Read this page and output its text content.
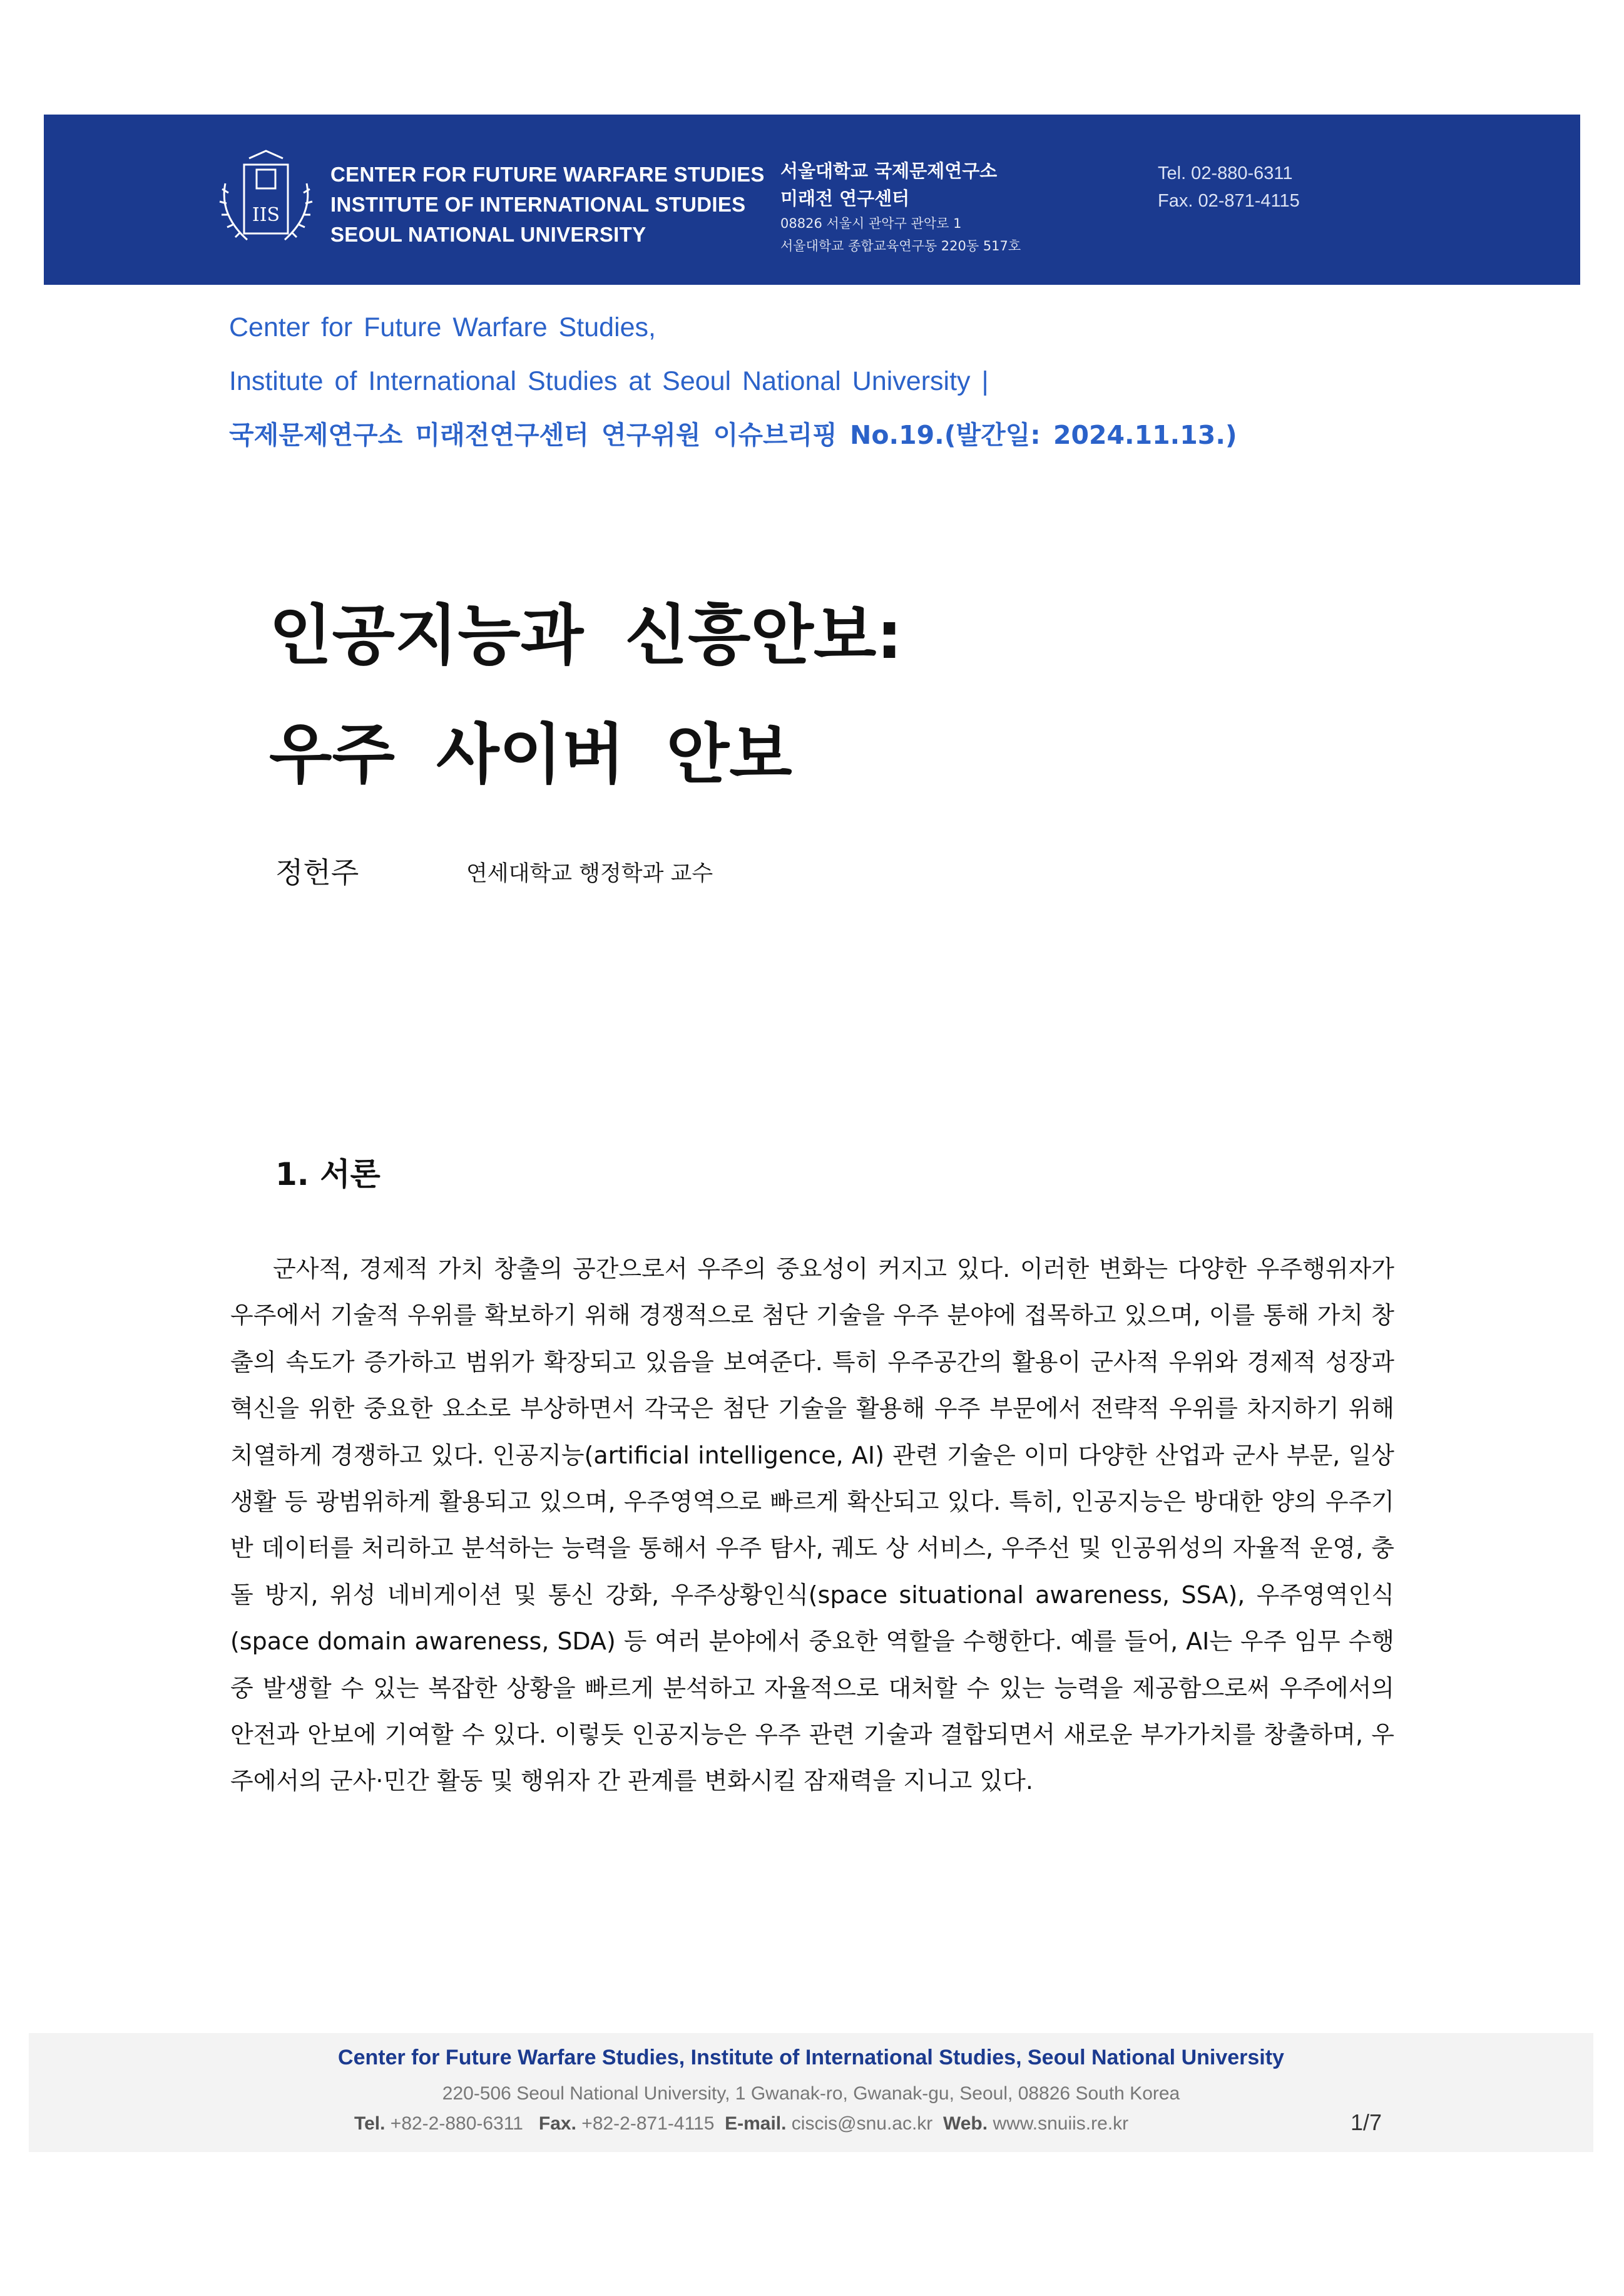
IIS
CENTER FOR FUTURE WARFARE STUDIES
INSTITUTE OF INTERNATIONAL STUDIES
SEOUL NATIONAL UNIVERSITY
서울대학교 국제문제연구소
미래전 연구센터
08826 서울시 관악구 관악로 1
서울대학교 종합교육연구동 220동 517호
Tel. 02-880-6311
Fax. 02-871-4115
Center for Future Warfare Studies,
Institute of International Studies at Seoul National University |
국제문제연구소 미래전연구센터 연구위원 이슈브리핑 No.19.(발간일: 2024.11.13.)
인공지능과 신흥안보:
우주 사이버 안보
정헌주	연세대학교 행정학과 교수
1. 서론
군사적, 경제적 가치 창출의 공간으로서 우주의 중요성이 커지고 있다. 이러한 변화는 다양한 우주행위자가 우주에서 기술적 우위를 확보하기 위해 경쟁적으로 첨단 기술을 우주 분야에 접목하고 있으며, 이를 통해 가치 창출의 속도가 증가하고 범위가 확장되고 있음을 보여준다. 특히 우주공간의 활용이 군사적 우위와 경제적 성장과 혁신을 위한 중요한 요소로 부상하면서 각국은 첨단 기술을 활용해 우주 부문에서 전략적 우위를 차지하기 위해 치열하게 경쟁하고 있다. 인공지능(artificial intelligence, AI) 관련 기술은 이미 다양한 산업과 군사 부문, 일상생활 등 광범위하게 활용되고 있으며, 우주영역으로 빠르게 확산되고 있다. 특히, 인공지능은 방대한 양의 우주기반 데이터를 처리하고 분석하는 능력을 통해서 우주 탐사, 궤도 상 서비스, 우주선 및 인공위성의 자율적 운영, 충돌 방지, 위성 네비게이션 및 통신 강화, 우주상황인식(space situational awareness, SSA), 우주영역인식(space domain awareness, SDA) 등 여러 분야에서 중요한 역할을 수행한다. 예를 들어, AI는 우주 임무 수행 중 발생할 수 있는 복잡한 상황을 빠르게 분석하고 자율적으로 대처할 수 있는 능력을 제공함으로써 우주에서의 안전과 안보에 기여할 수 있다. 이렇듯 인공지능은 우주 관련 기술과 결합되면서 새로운 부가가치를 창출하며, 우주에서의 군사·민간 활동 및 행위자 간 관계를 변화시킬 잠재력을 지니고 있다.
Center for Future Warfare Studies, Institute of International Studies, Seoul National University
220-506 Seoul National University, 1 Gwanak-ro, Gwanak-gu, Seoul, 08826 South Korea
Tel. +82-2-880-6311 Fax. +82-2-871-4115 E-mail. ciscis@snu.ac.kr Web. www.snuiis.re.kr	1/7
